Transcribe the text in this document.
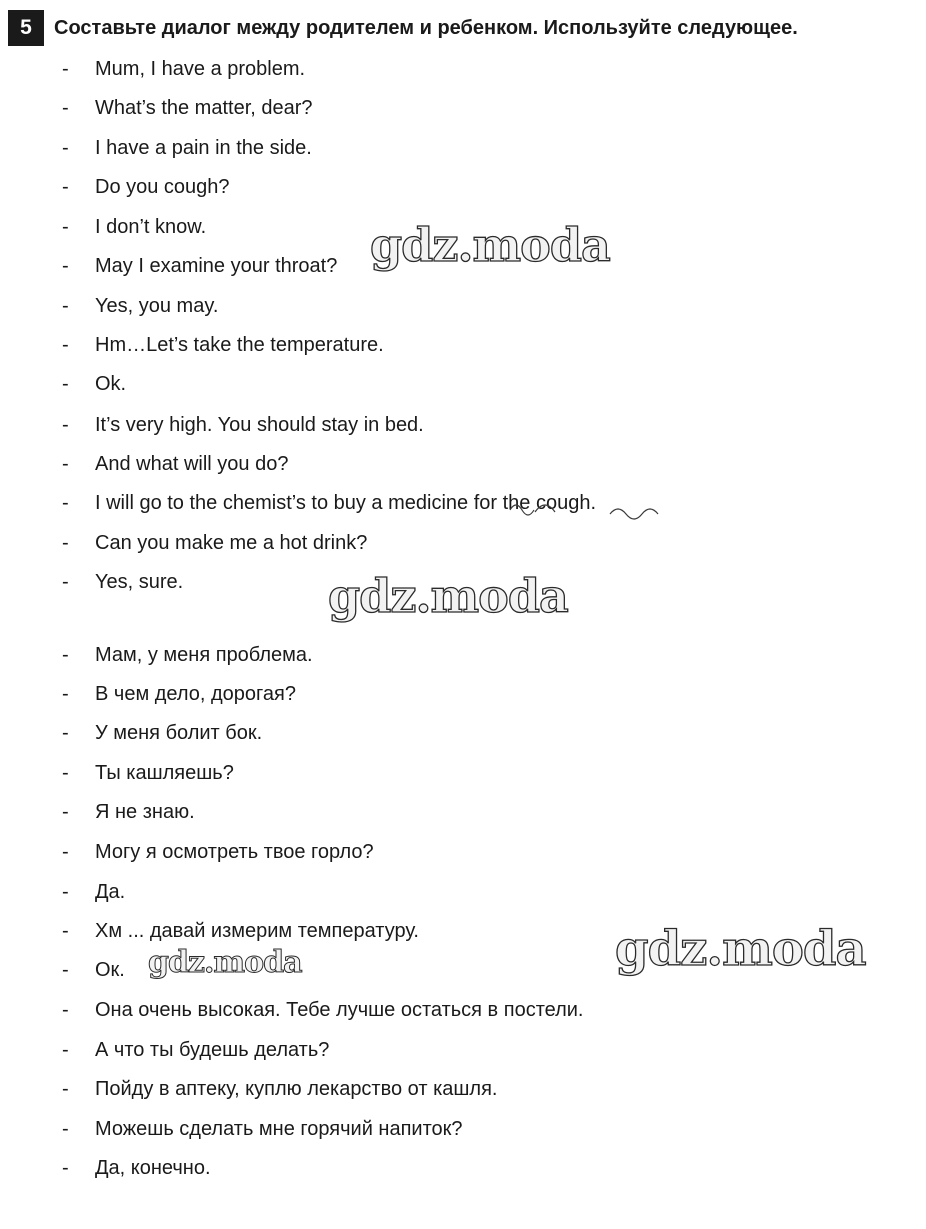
5	Составьте диалог между родителем и ребенком. Используйте следующее.
- Mum, I have a problem.
- What’s the matter, dear?
- I have a pain in the side.
- Do you cough?
- I don’t know.
- May I examine your throat?
- Yes, you may.
- Hm…Let’s take the temperature.
- Ok.
- It’s very high. You should stay in bed.
- And what will you do?
- I will go to the chemist’s to buy a medicine for the cough.
- Can you make me a hot drink?
- Yes, sure.
- Мам, у меня проблема.
- В чем дело, дорогая?
- У меня болит бок.
- Ты кашляешь?
- Я не знаю.
- Могу я осмотреть твое горло?
- Да.
- Хм ... давай измерим температуру.
- Ок.
- Она очень высокая. Тебе лучше остаться в постели.
- А что ты будешь делать?
- Пойду в аптеку, куплю лекарство от кашля.
- Можешь сделать мне горячий напиток?
- Да, конечно.
gdz.moda
gdz.moda
gdz.moda
gdz.moda
